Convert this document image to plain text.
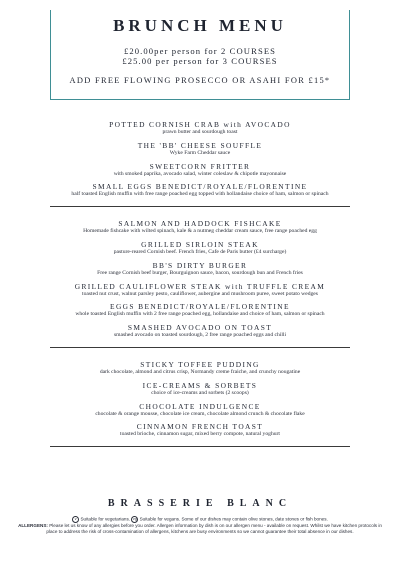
BRUNCH MENU
£20.00per person for 2 COURSES
£25.00 per person for 3 COURSES
ADD FREE FLOWING PROSECCO OR ASAHI FOR £15*
POTTED CORNISH CRAB with AVOCADO
prawn butter and sourdough toast
THE 'BB' CHEESE SOUFFLE
Wyke Farm Cheddar sauce
SWEETCORN FRITTER
with smoked paprika, avocado salad, winter coleslaw & chipotle mayonnaise
SMALL EGGS BENEDICT/ROYALE/FLORENTINE
half toasted English muffin with free range poached egg topped with hollandaise choice of ham, salmon or spinach
SALMON AND HADDOCK FISHCAKE
Homemade fishcake with wilted spinach, kale & a nutmeg cheddar cream sauce, free range poached egg
GRILLED SIRLOIN STEAK
pasture-reared Cornish beef. French fries, Cafe de Paris butter (£4 surcharge)
BB'S DIRTY BURGER
Free range Cornish beef burger, Bourguignon sauce, bacon, sourdough bun and French fries
GRILLED CAULIFLOWER STEAK with TRUFFLE CREAM
toasted nut crust, walnut parsley pesto, cauliflower, aubergine and mushroom puree, sweet potato wedges
EGGS BENEDICT/ROYALE/FLORENTINE
whole toasted English muffin with 2 free range poached egg, hollandaise and choice of ham, salmon or spinach
SMASHED AVOCADO ON TOAST
smashed avocado on toasted sourdough, 2 free range poached eggs and chilli
STICKY TOFFEE PUDDING
dark chocolate, almond and citrus crisp, Normandy creme fraiche, and crunchy nougatine
ICE-CREAMS & SORBETS
choice of ice-creams and sorbets (2 scoops)
CHOCOLATE INDULGENCE
chocolate & orange mousse, chocolate ice cream, chocolate almond crunch & chocolate flake
CINNAMON FRENCH TOAST
toasted brioche, cinnamon sugar, mixed berry compote, natural yoghurt
BRASSERIE BLANC
v Suitable for vegetarians. vg Suitable for vegans. Some of our dishes may contain olive stones, date stones or fish bones.
ALLERGENS: Please let us know of any allergies before you order. Allergen information by dish is on our allergen menu - available on request. Whilst we have kitchen protocols in place to address the risk of cross-contamination of allergens, kitchens are busy environments so we cannot guarantee their total absence in our dishes.
